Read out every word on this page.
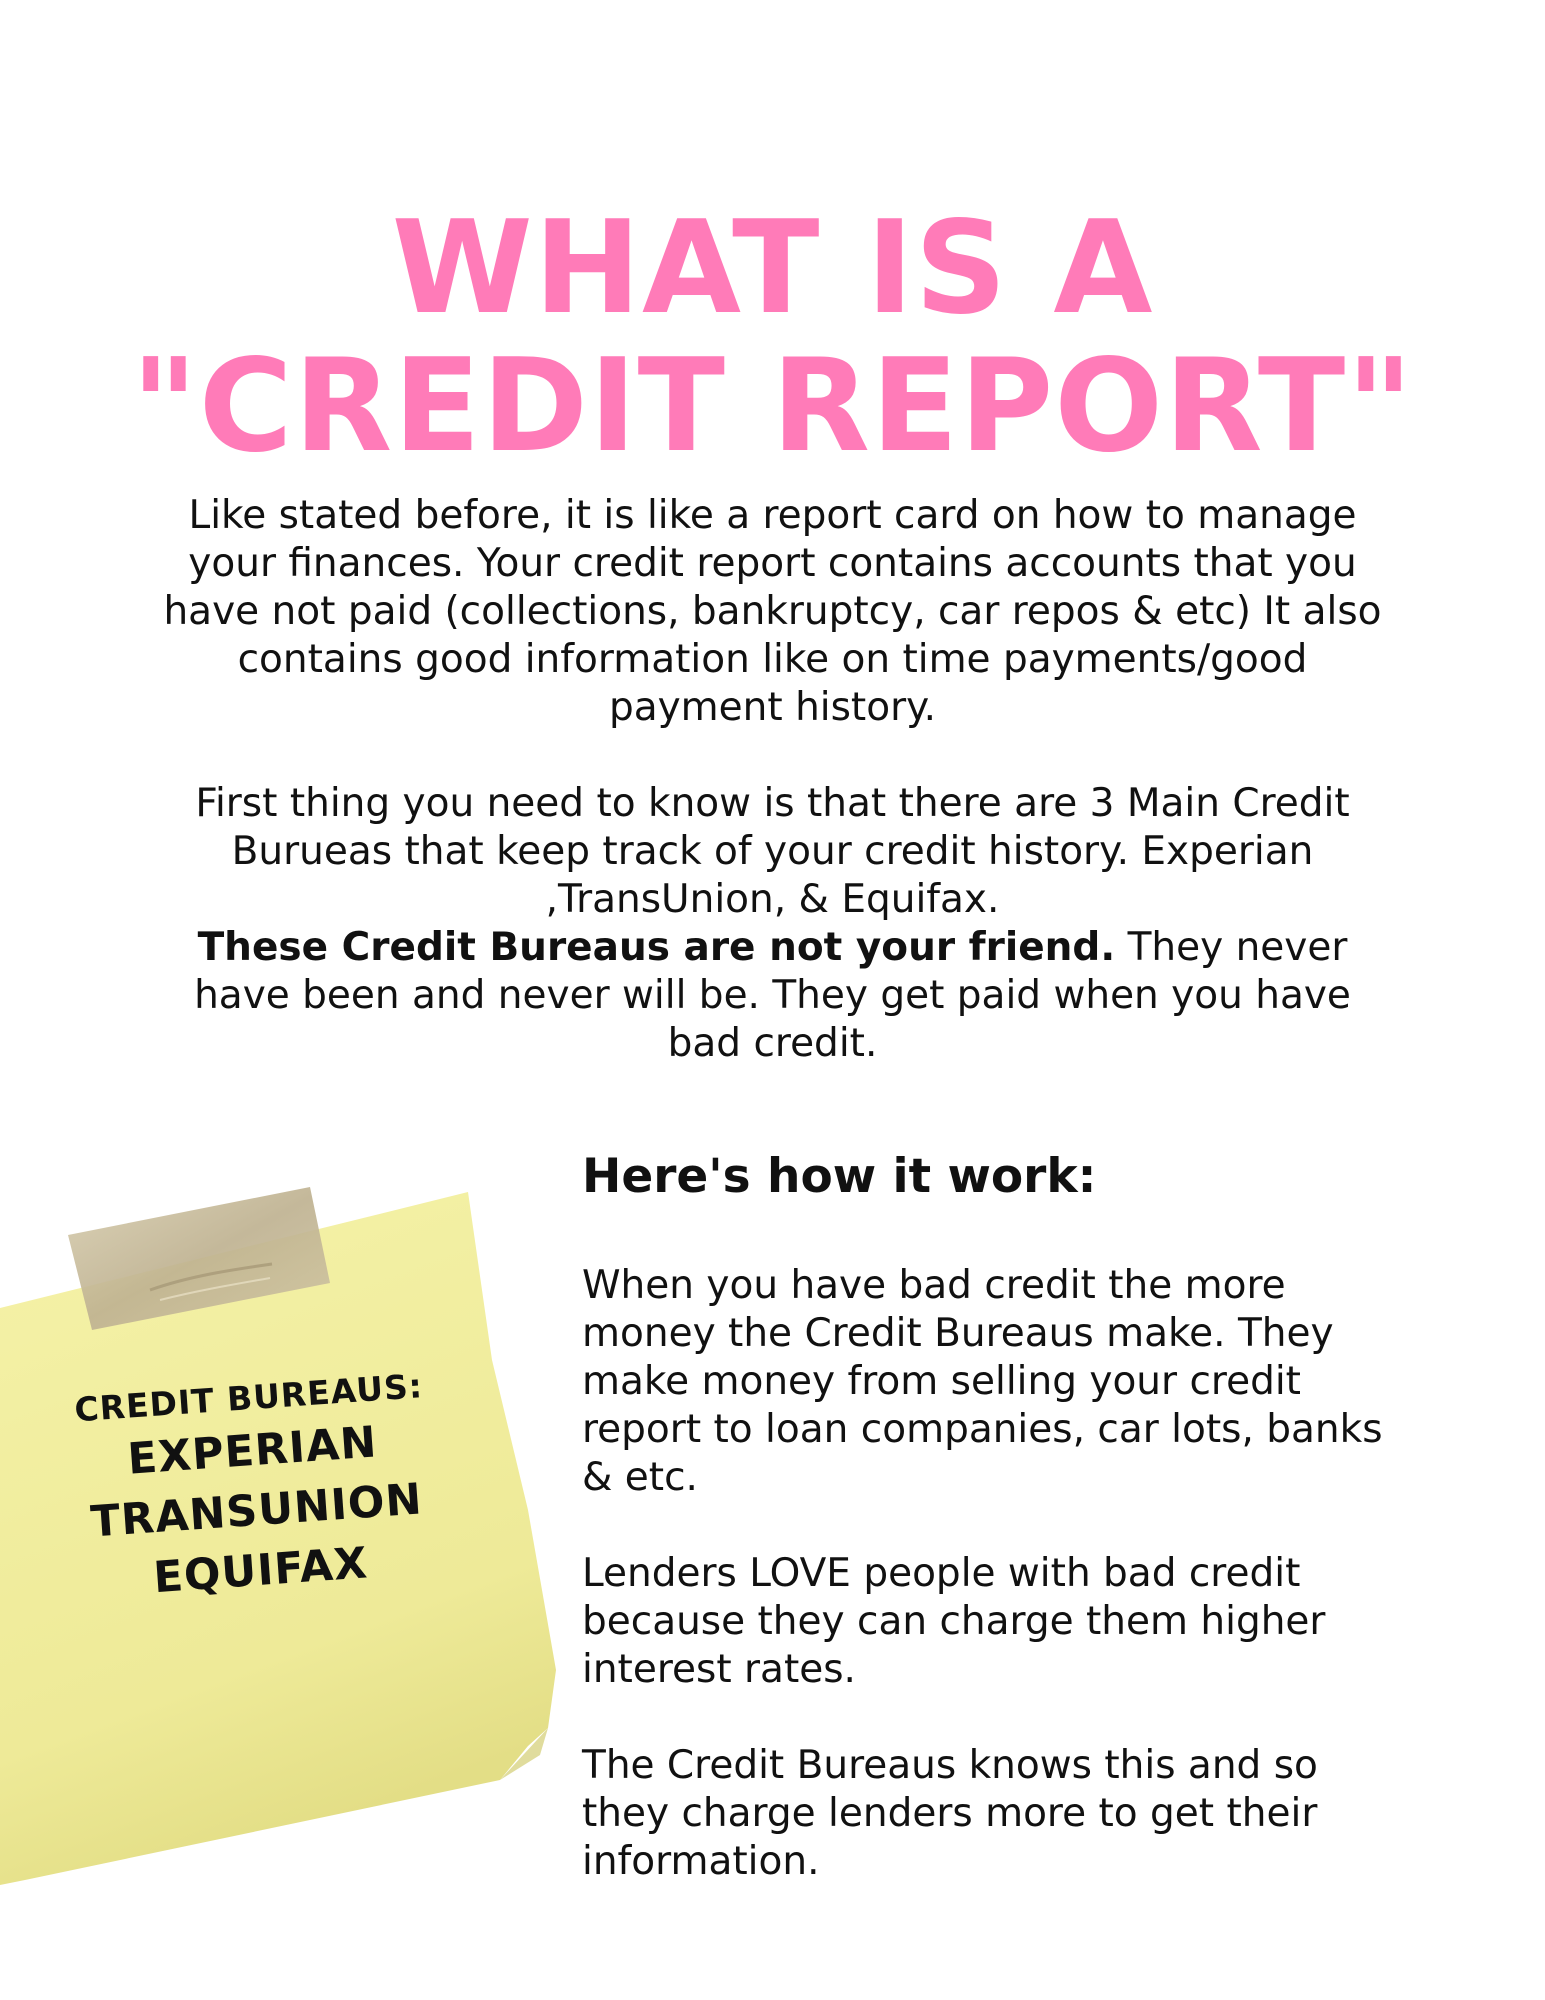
WHAT IS A
"CREDIT REPORT"

Like stated before, it is like a report card on how to manage your finances. Your credit report contains accounts that you have not paid (collections, bankruptcy, car repos & etc) It also contains good information like on time payments/good payment history.

First thing you need to know is that there are 3 Main Credit Burueas that keep track of your credit history. Experian ,TransUnion, & Equifax.

These Credit Bureaus are not your friend. They never have been and never will be. They get paid when you have bad credit.

Here's how it work:

When you have bad credit the more money the Credit Bureaus make. They make money from selling your credit report to loan companies, car lots, banks & etc.

Lenders LOVE people with bad credit because they can charge them higher interest rates.

The Credit Bureaus knows this and so they charge lenders more to get their information.

CREDIT BUREAUS:
EXPERIAN
TRANSUNION
EQUIFAX
